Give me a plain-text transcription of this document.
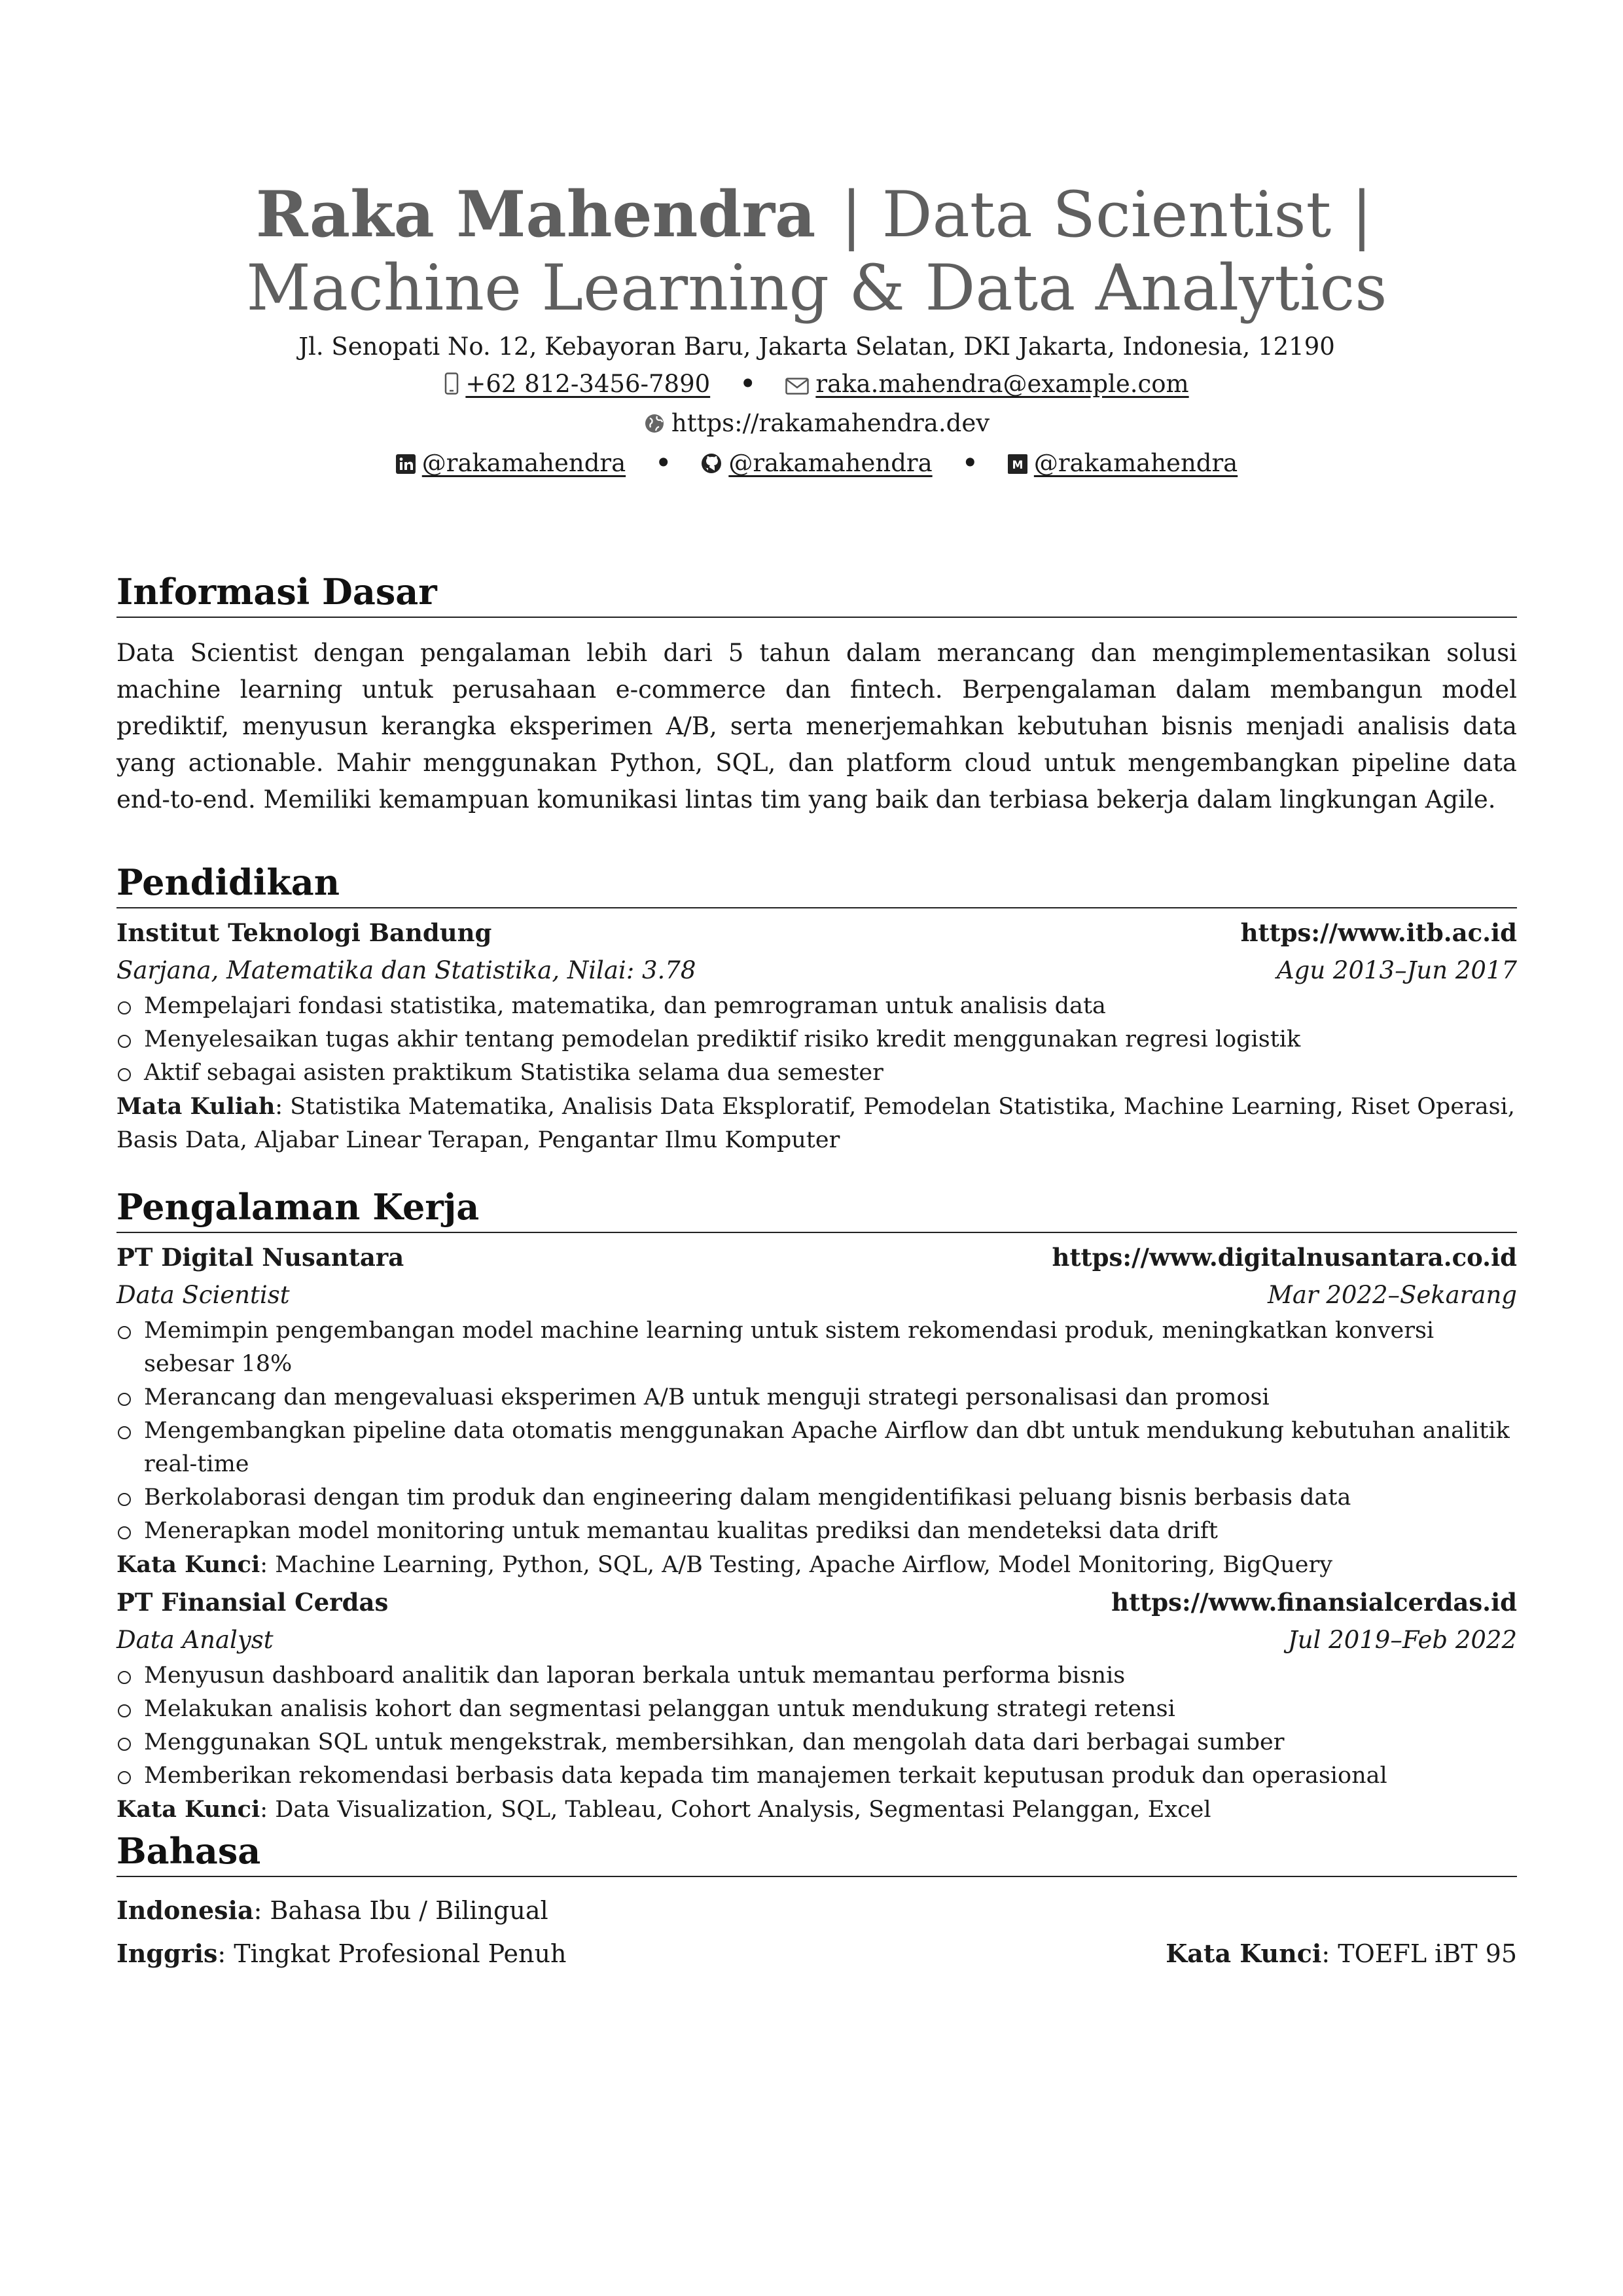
Raka Mahendra | Data Scientist |
Machine Learning & Data Analytics
Jl. Senopati No. 12, Kebayoran Baru, Jakarta Selatan, DKI Jakarta, Indonesia, 12190
+62 812-3456-7890 • raka.mahendra@example.com
https://rakamahendra.dev
@rakamahendra • @rakamahendra •	M @rakamahendra
Informasi Dasar
Data Scientist dengan pengalaman lebih dari 5 tahun dalam merancang dan mengimplementasikan solusi machine learning untuk perusahaan e-commerce dan fintech. Berpengalaman dalam membangun model prediktif, menyusun kerangka eksperimen A/B, serta menerjemahkan kebutuhan bisnis menjadi analisis data yang actionable. Mahir menggunakan Python, SQL, dan platform cloud untuk mengembangkan pipeline data end-to-end. Memiliki kemampuan komunikasi lintas tim yang baik dan terbiasa bekerja dalam lingkungan Agile.
Pendidikan
Institut Teknologi Bandung	https://www.itb.ac.id
Sarjana, Matematika dan Statistika, Nilai: 3.78	Agu 2013–Jun 2017
Mempelajari fondasi statistika, matematika, dan pemrograman untuk analisis data
Menyelesaikan tugas akhir tentang pemodelan prediktif risiko kredit menggunakan regresi logistik
Aktif sebagai asisten praktikum Statistika selama dua semester
Mata Kuliah: Statistika Matematika, Analisis Data Eksploratif, Pemodelan Statistika, Machine Learning, Riset Operasi, Basis Data, Aljabar Linear Terapan, Pengantar Ilmu Komputer
Pengalaman Kerja
PT Digital Nusantara	https://www.digitalnusantara.co.id
Data Scientist	Mar 2022–Sekarang
Memimpin pengembangan model machine learning untuk sistem rekomendasi produk, meningkatkan konversi sebesar 18%
Merancang dan mengevaluasi eksperimen A/B untuk menguji strategi personalisasi dan promosi
Mengembangkan pipeline data otomatis menggunakan Apache Airflow dan dbt untuk mendukung kebutuhan analitik real-time
Berkolaborasi dengan tim produk dan engineering dalam mengidentifikasi peluang bisnis berbasis data
Menerapkan model monitoring untuk memantau kualitas prediksi dan mendeteksi data drift
Kata Kunci: Machine Learning, Python, SQL, A/B Testing, Apache Airflow, Model Monitoring, BigQuery
PT Finansial Cerdas	https://www.finansialcerdas.id
Data Analyst	Jul 2019–Feb 2022
Menyusun dashboard analitik dan laporan berkala untuk memantau performa bisnis
Melakukan analisis kohort dan segmentasi pelanggan untuk mendukung strategi retensi
Menggunakan SQL untuk mengekstrak, membersihkan, dan mengolah data dari berbagai sumber
Memberikan rekomendasi berbasis data kepada tim manajemen terkait keputusan produk dan operasional
Kata Kunci: Data Visualization, SQL, Tableau, Cohort Analysis, Segmentasi Pelanggan, Excel
Bahasa
Indonesia: Bahasa Ibu / Bilingual
Inggris: Tingkat Profesional Penuh	Kata Kunci: TOEFL iBT 95
